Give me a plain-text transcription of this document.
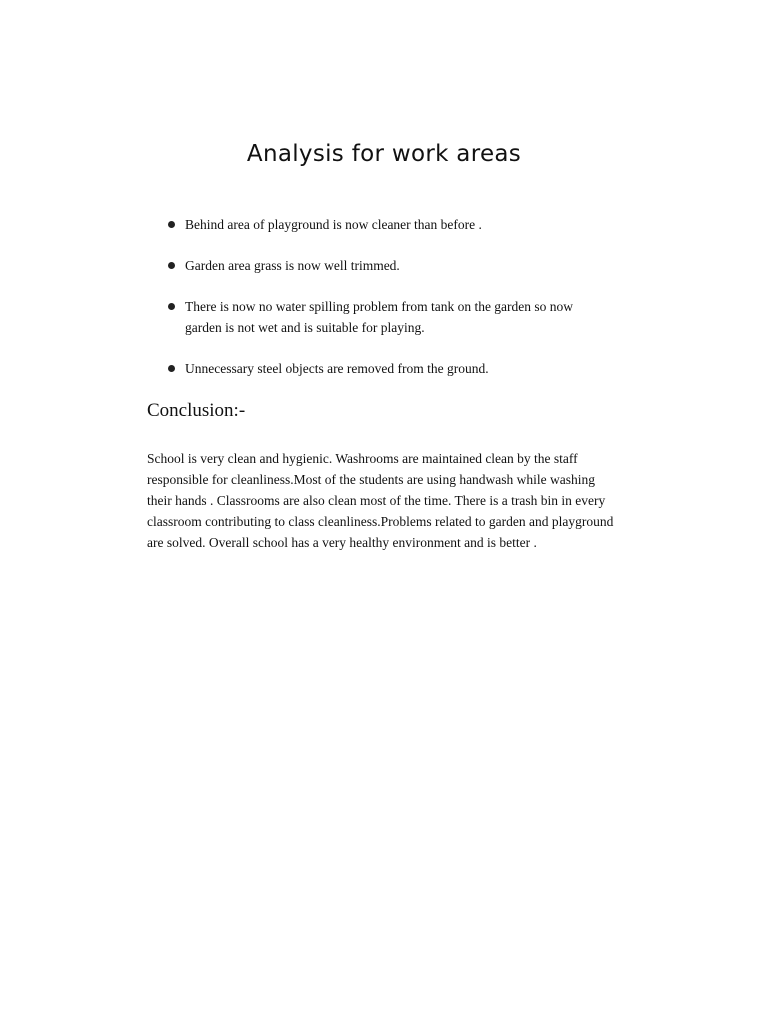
Analysis for work areas
Behind area of playground is now cleaner than before .
Garden area grass is now well trimmed.
There is now no water spilling problem from tank on the garden so now garden is not wet and is suitable for playing.
Unnecessary steel objects are removed from the ground.
Conclusion:-

School is very clean and hygienic. Washrooms are maintained clean by the staff responsible for cleanliness.Most of the students are using handwash while washing their hands . Classrooms are also clean most of the time. There is a trash bin in every classroom contributing to class cleanliness.Problems related to garden and playground are solved. Overall school has a very healthy environment and is better .
